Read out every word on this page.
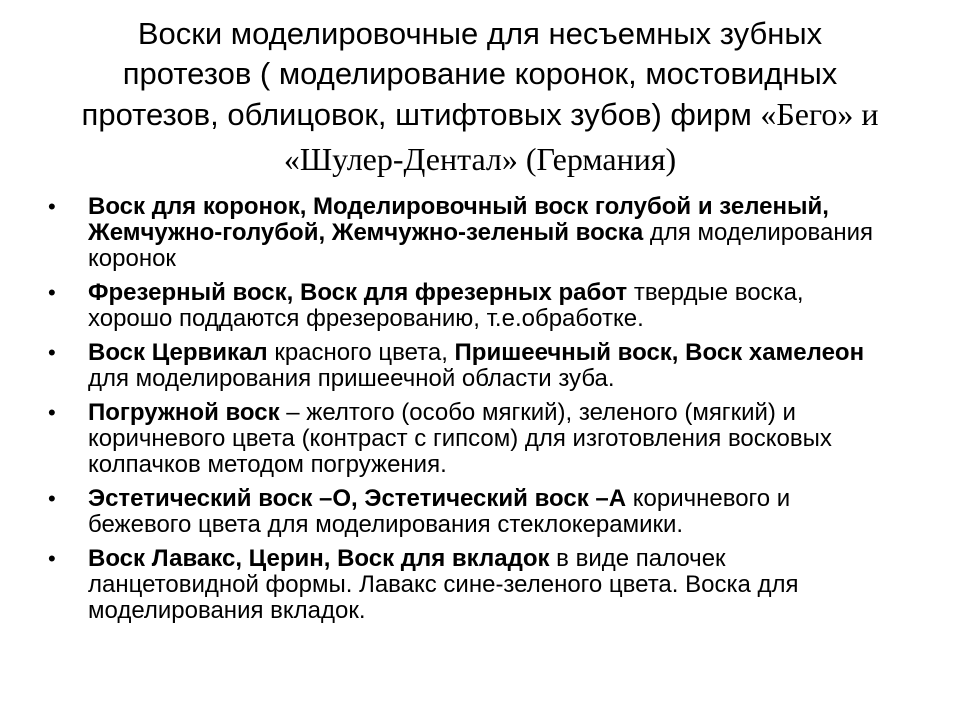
Воски моделировочные для несъемных зубных
протезов ( моделирование коронок, мостовидных
протезов, облицовок, штифтовых зубов) фирм «Бего» и
«Шулер-Дентал» (Германия)
• Воск для коронок, Моделировочный воск голубой и зеленый, Жемчужно-голубой, Жемчужно-зеленый воска для моделирования коронок
• Фрезерный воск, Воск для фрезерных работ твердые воска, хорошо поддаются фрезерованию, т.е.обработке.
• Воск Цервикал красного цвета, Пришеечный воск, Воск хамелеон для моделирования пришеечной области зуба.
• Погружной воск – желтого (особо мягкий), зеленого (мягкий) и коричневого цвета (контраст с гипсом) для изготовления восковых колпачков методом погружения.
• Эстетический воск –О, Эстетический воск –А коричневого и бежевого цвета для моделирования стеклокерамики.
• Воск Лавакс, Церин, Воск для вкладок в виде палочек ланцетовидной формы. Лавакс сине-зеленого цвета. Воска для моделирования вкладок.
